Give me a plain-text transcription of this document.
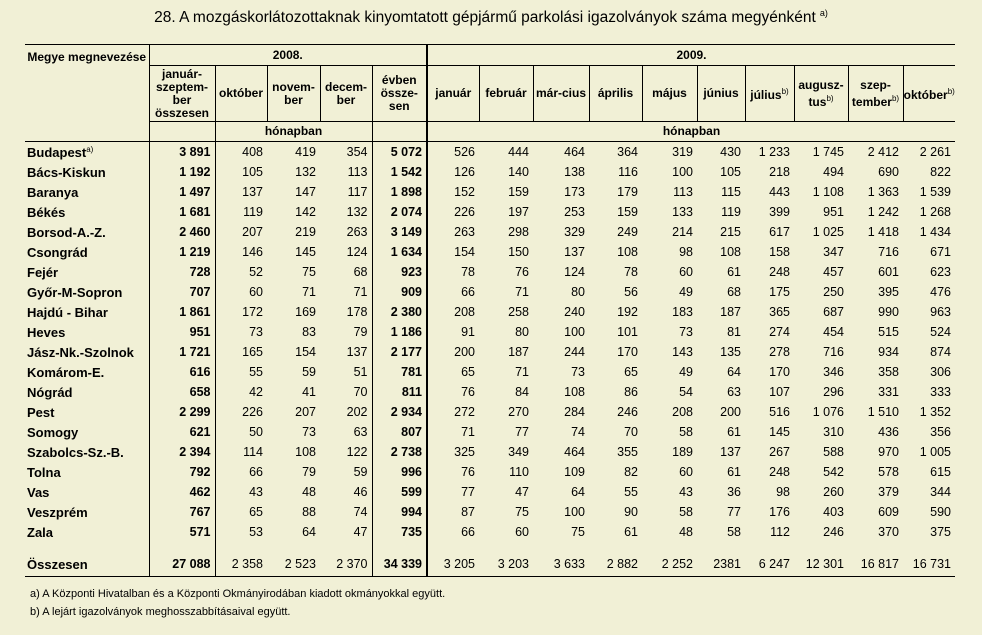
28. A mozgáskorlátozottaknak kinyomtatott gépjármű parkolási igazolványok száma megyénként $^{a)}$
Megye megnevezése	2008.					2009.									
	január-szeptem-ber összesen	október	novem-ber	decem-ber	évben össze-sen	január	február	már-cius	április	május	június	július$^{b)}$	augusz-tus$^{b)}$	szep-tember$^{b)}$	október$^{b)}$
		hónapban				hónapban									
Budapest$^{a)}$	3 891	408	419	354	5 072	526	444	464	364	319	430	1 233	1 745	2 412	2 261
Bács-Kiskun	1 192	105	132	113	1 542	126	140	138	116	100	105	218	494	690	822
Baranya	1 497	137	147	117	1 898	152	159	173	179	113	115	443	1 108	1 363	1 539
Békés	1 681	119	142	132	2 074	226	197	253	159	133	119	399	951	1 242	1 268
Borsod-A.-Z.	2 460	207	219	263	3 149	263	298	329	249	214	215	617	1 025	1 418	1 434
Csongrád	1 219	146	145	124	1 634	154	150	137	108	98	108	158	347	716	671
Fejér	728	52	75	68	923	78	76	124	78	60	61	248	457	601	623
Győr-M-Sopron	707	60	71	71	909	66	71	80	56	49	68	175	250	395	476
Hajdú - Bihar	1 861	172	169	178	2 380	208	258	240	192	183	187	365	687	990	963
Heves	951	73	83	79	1 186	91	80	100	101	73	81	274	454	515	524
Jász-Nk.-Szolnok	1 721	165	154	137	2 177	200	187	244	170	143	135	278	716	934	874
Komárom-E.	616	55	59	51	781	65	71	73	65	49	64	170	346	358	306
Nógrád	658	42	41	70	811	76	84	108	86	54	63	107	296	331	333
Pest	2 299	226	207	202	2 934	272	270	284	246	208	200	516	1 076	1 510	1 352
Somogy	621	50	73	63	807	71	77	74	70	58	61	145	310	436	356
Szabolcs-Sz.-B.	2 394	114	108	122	2 738	325	349	464	355	189	137	267	588	970	1 005
Tolna	792	66	79	59	996	76	110	109	82	60	61	248	542	578	615
Vas	462	43	48	46	599	77	47	64	55	43	36	98	260	379	344
Veszprém	767	65	88	74	994	87	75	100	90	58	77	176	403	609	590
Zala	571	53	64	47	735	66	60	75	61	48	58	112	246	370	375

Összesen	27 088	2 358	2 523	2 370	34 339	3 205	3 203	3 633	2 882	2 252	2381	6 247	12 301	16 817	16 731
a) A Központi Hivatalban és a Központi Okmányirodában kiadott okmányokkal együtt.
b) A lejárt igazolványok meghosszabbításaival együtt.
